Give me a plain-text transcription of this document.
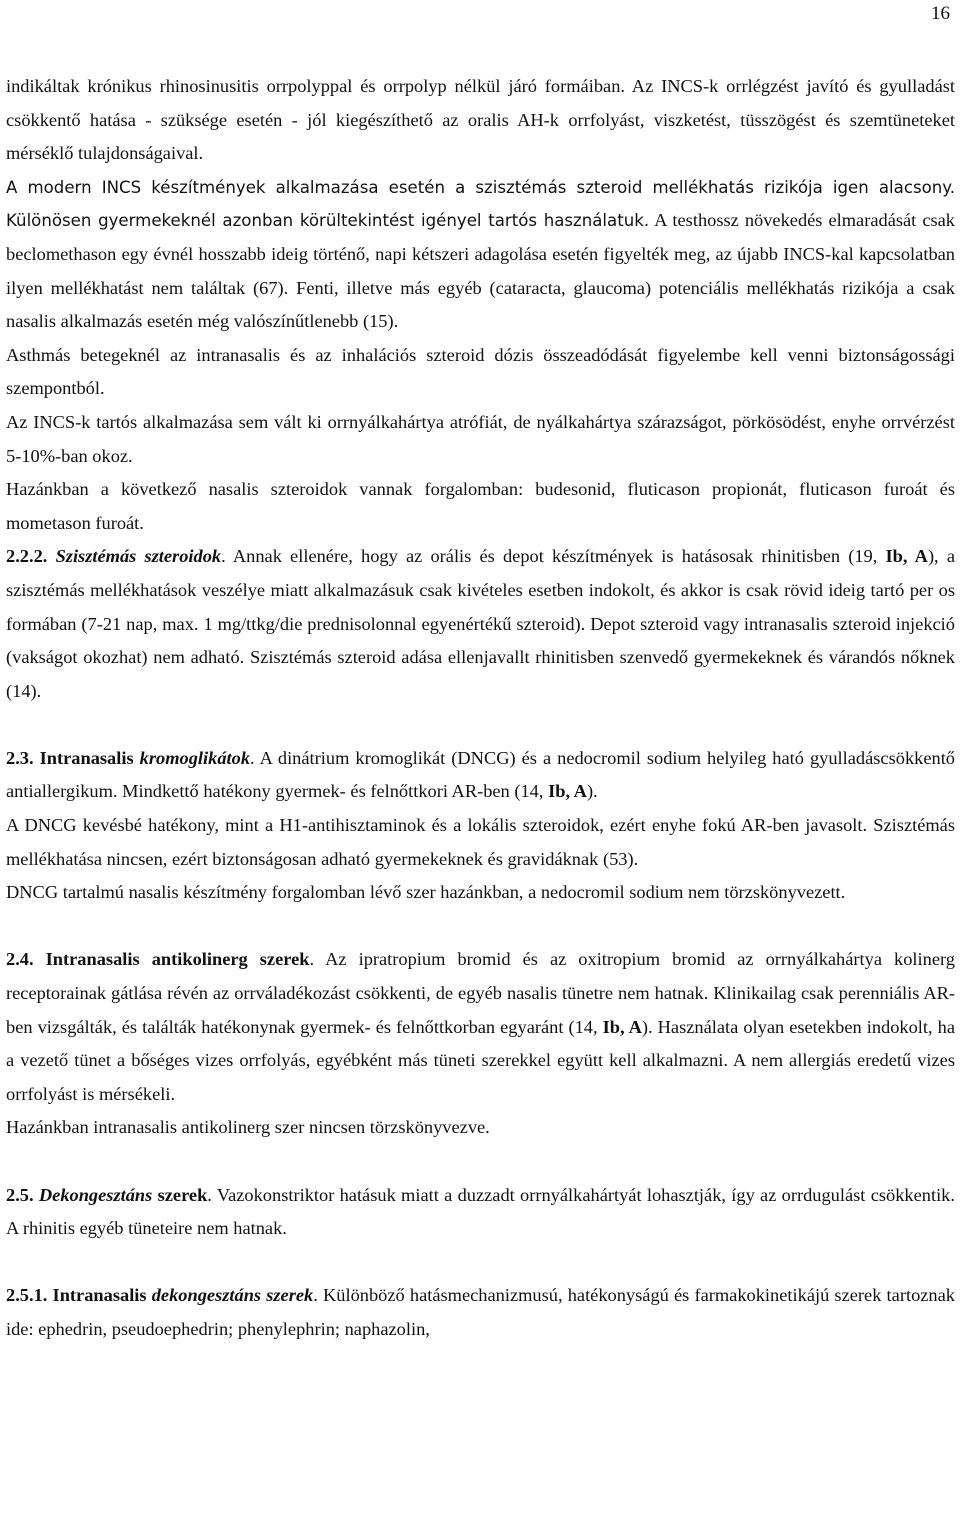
16

indikáltak krónikus rhinosinusitis orrpolyppal és orrpolyp nélkül járó formáiban. Az INCS-k orrlégzést javító és gyulladást csökkentő hatása - szüksége esetén - jól kiegészíthető az oralis AH-k orrfolyást, viszketést, tüsszögést és szemtüneteket mérséklő tulajdonságaival.

A modern INCS készítmények alkalmazása esetén a szisztémás szteroid mellékhatás rizikója igen alacsony. Különösen gyermekeknél azonban körültekintést igényel tartós használatuk. A testhossz növekedés elmaradását csak beclomethason egy évnél hosszabb ideig történő, napi kétszeri adagolása esetén figyelték meg, az újabb INCS-kal kapcsolatban ilyen mellékhatást nem találtak (67). Fenti, illetve más egyéb (cataracta, glaucoma) potenciális mellékhatás rizikója a csak nasalis alkalmazás esetén még valószínűtlenebb (15).

Asthmás betegeknél az intranasalis és az inhalációs szteroid dózis összeadódását figyelembe kell venni biztonságossági szempontból.

Az INCS-k tartós alkalmazása sem vált ki orrnyálkahártya atrófiát, de nyálkahártya szárazságot, pörkösödést, enyhe orrvérzést 5-10%-ban okoz.

Hazánkban a következő nasalis szteroidok vannak forgalomban: budesonid, fluticason propionát, fluticason furoát és mometason furoát.

2.2.2. Szisztémás szteroidok. Annak ellenére, hogy az orális és depot készítmények is hatásosak rhinitisben (19, Ib, A), a szisztémás mellékhatások veszélye miatt alkalmazásuk csak kivételes esetben indokolt, és akkor is csak rövid ideig tartó per os formában (7-21 nap, max. 1 mg/ttkg/die prednisolonnal egyenértékű szteroid). Depot szteroid vagy intranasalis szteroid injekció (vakságot okozhat) nem adható. Szisztémás szteroid adása ellenjavallt rhinitisben szenvedő gyermekeknek és várandós nőknek (14).

2.3. Intranasalis kromoglikátok. A dinátrium kromoglikát (DNCG) és a nedocromil sodium helyileg ható gyulladáscsökkentő antiallergikum. Mindkettő hatékony gyermek- és felnőttkori AR-ben (14, Ib, A).

A DNCG kevésbé hatékony, mint a H1-antihisztaminok és a lokális szteroidok, ezért enyhe fokú AR-ben javasolt. Szisztémás mellékhatása nincsen, ezért biztonságosan adható gyermekeknek és gravidáknak (53).

DNCG tartalmú nasalis készítmény forgalomban lévő szer hazánkban, a nedocromil sodium nem törzskönyvezett.

2.4. Intranasalis antikolinerg szerek. Az ipratropium bromid és az oxitropium bromid az orrnyálkahártya kolinerg receptorainak gátlása révén az orrváladékozást csökkenti, de egyéb nasalis tünetre nem hatnak. Klinikailag csak perenniális AR-ben vizsgálták, és találták hatékonynak gyermek- és felnőttkorban egyaránt (14, Ib, A). Használata olyan esetekben indokolt, ha a vezető tünet a bőséges vizes orrfolyás, egyébként más tüneti szerekkel együtt kell alkalmazni. A nem allergiás eredetű vizes orrfolyást is mérsékeli.

Hazánkban intranasalis antikolinerg szer nincsen törzskönyvezve.

2.5. Dekongesztáns szerek. Vazokonstriktor hatásuk miatt a duzzadt orrnyálkahártyát lohasztják, így az orrdugulást csökkentik. A rhinitis egyéb tüneteire nem hatnak.

2.5.1. Intranasalis dekongesztáns szerek. Különböző hatásmechanizmusú, hatékonyságú és farmakokinetikájú szerek tartoznak ide: ephedrin, pseudoephedrin; phenylephrin; naphazolin,
